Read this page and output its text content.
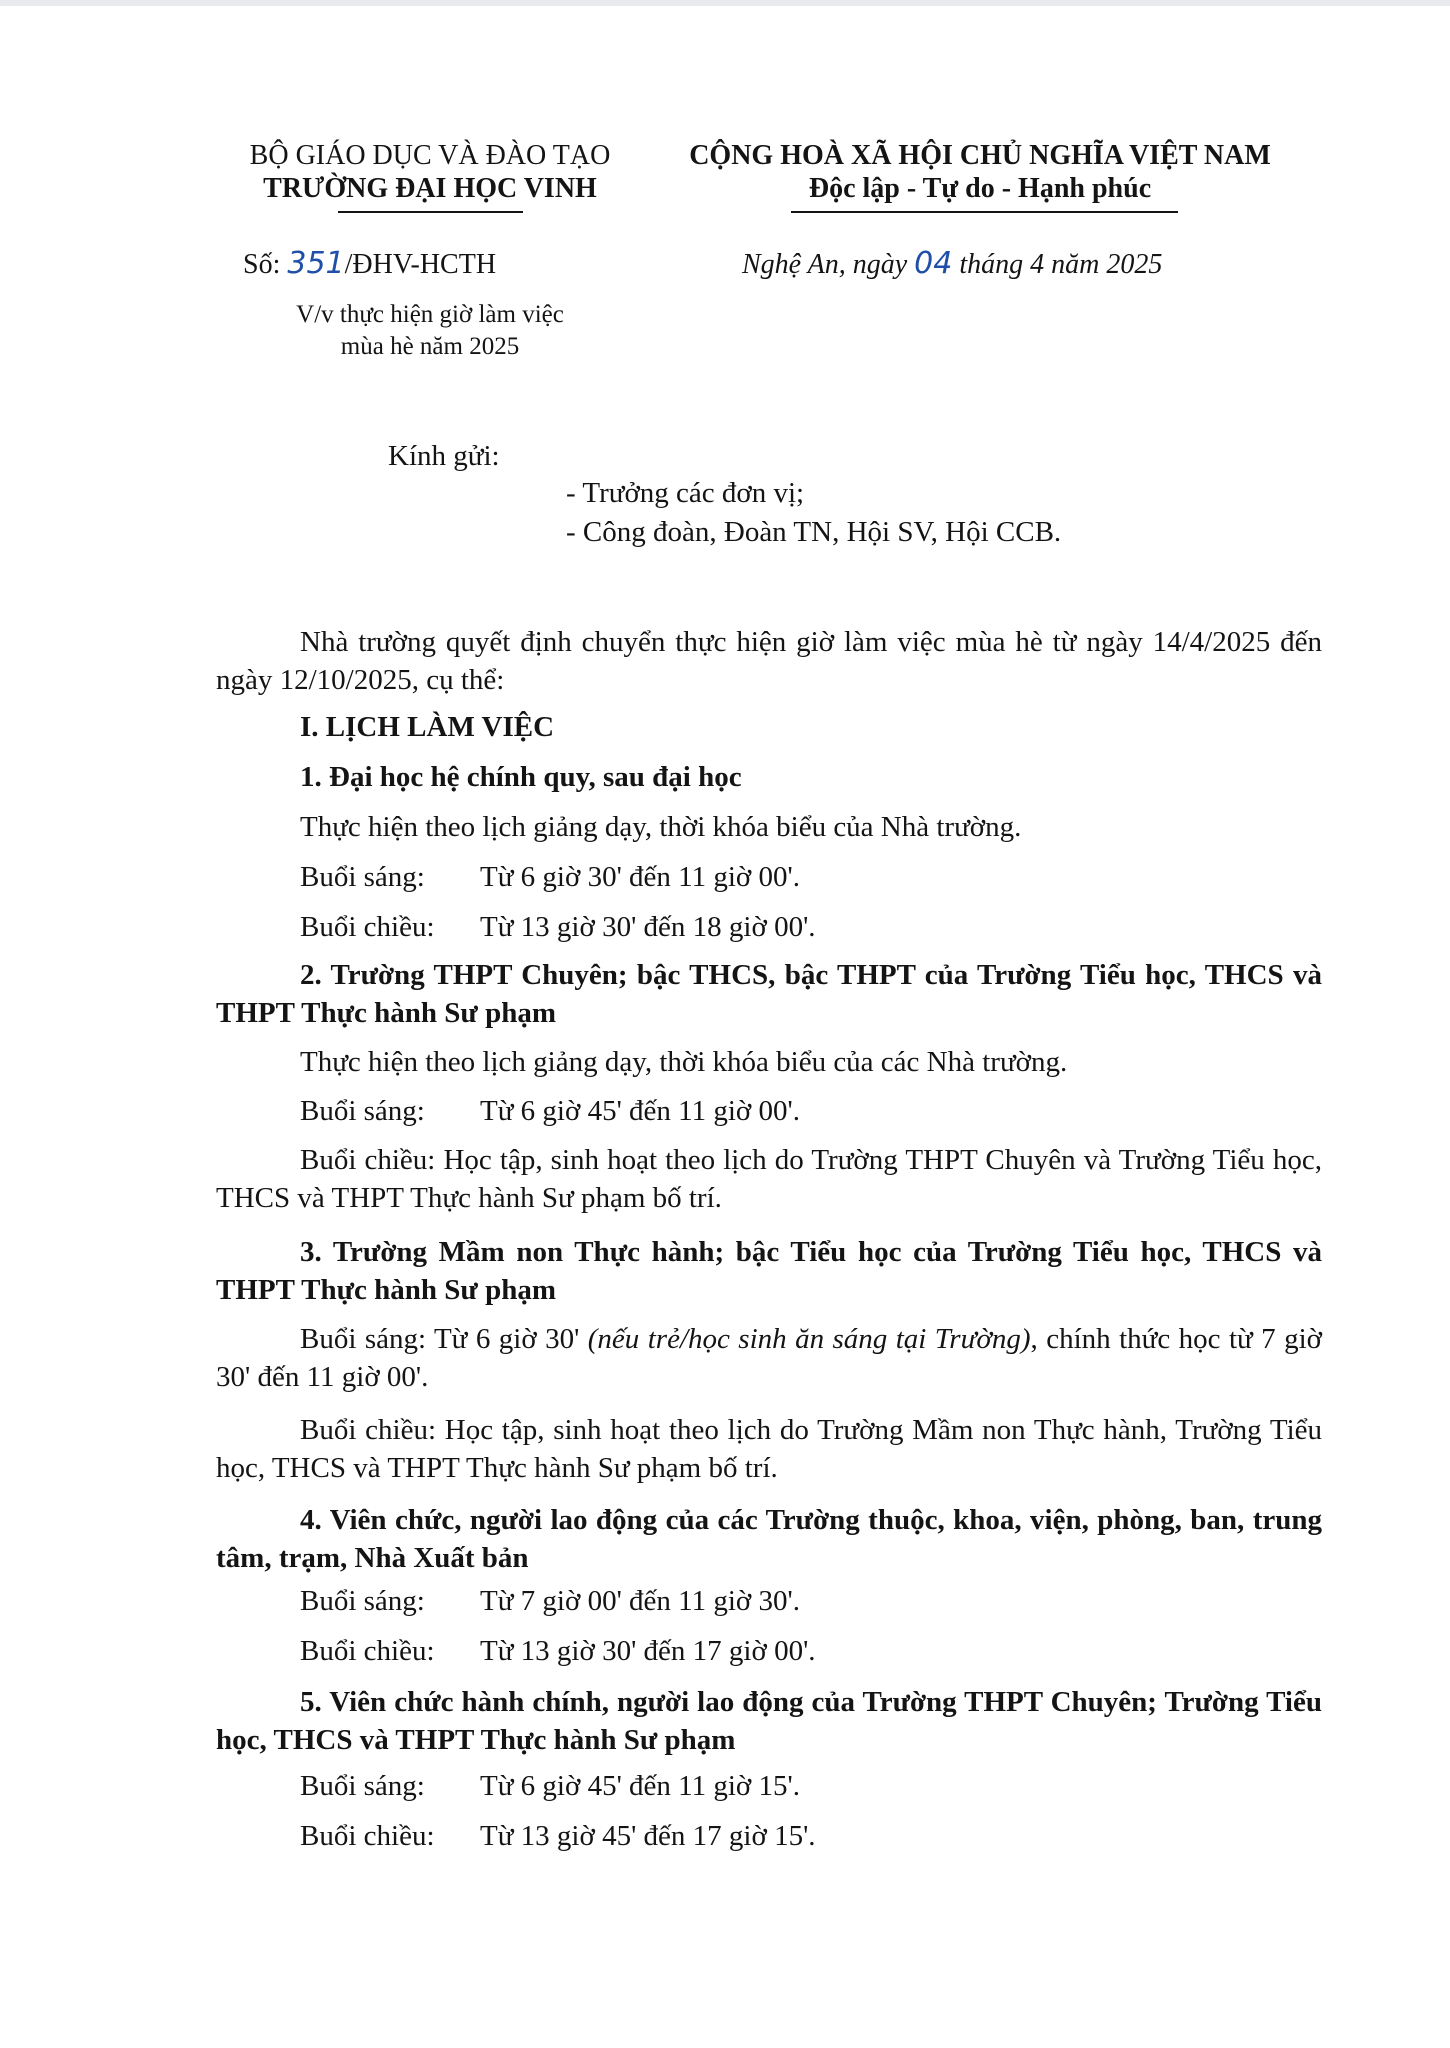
BỘ GIÁO DỤC VÀ ĐÀO TẠO
TRƯỜNG ĐẠI HỌC VINH
Số: 351/ĐHV-HCTH
V/v thực hiện giờ làm việc
mùa hè năm 2025
CỘNG HOÀ XÃ HỘI CHỦ NGHĨA VIỆT NAM
Độc lập - Tự do - Hạnh phúc
Nghệ An, ngày 04 tháng 4 năm 2025
Kính gửi:
- Trưởng các đơn vị;
- Công đoàn, Đoàn TN, Hội SV, Hội CCB.
Nhà trường quyết định chuyển thực hiện giờ làm việc mùa hè từ ngày 14/4/2025 đến ngày 12/10/2025, cụ thể:
I. LỊCH LÀM VIỆC
1. Đại học hệ chính quy, sau đại học
Thực hiện theo lịch giảng dạy, thời khóa biểu của Nhà trường.
Buổi sáng: Từ 6 giờ 30' đến 11 giờ 00'.
Buổi chiều: Từ 13 giờ 30' đến 18 giờ 00'.
2. Trường THPT Chuyên; bậc THCS, bậc THPT của Trường Tiểu học, THCS và THPT Thực hành Sư phạm
Thực hiện theo lịch giảng dạy, thời khóa biểu của các Nhà trường.
Buổi sáng: Từ 6 giờ 45' đến 11 giờ 00'.
Buổi chiều: Học tập, sinh hoạt theo lịch do Trường THPT Chuyên và Trường Tiểu học, THCS và THPT Thực hành Sư phạm bố trí.
3. Trường Mầm non Thực hành; bậc Tiểu học của Trường Tiểu học, THCS và THPT Thực hành Sư phạm
Buổi sáng: Từ 6 giờ 30' (nếu trẻ/học sinh ăn sáng tại Trường), chính thức học từ 7 giờ 30' đến 11 giờ 00'.
Buổi chiều: Học tập, sinh hoạt theo lịch do Trường Mầm non Thực hành, Trường Tiểu học, THCS và THPT Thực hành Sư phạm bố trí.
4. Viên chức, người lao động của các Trường thuộc, khoa, viện, phòng, ban, trung tâm, trạm, Nhà Xuất bản
Buổi sáng: Từ 7 giờ 00' đến 11 giờ 30'.
Buổi chiều: Từ 13 giờ 30' đến 17 giờ 00'.
5. Viên chức hành chính, người lao động của Trường THPT Chuyên; Trường Tiểu học, THCS và THPT Thực hành Sư phạm
Buổi sáng: Từ 6 giờ 45' đến 11 giờ 15'.
Buổi chiều: Từ 13 giờ 45' đến 17 giờ 15'.
